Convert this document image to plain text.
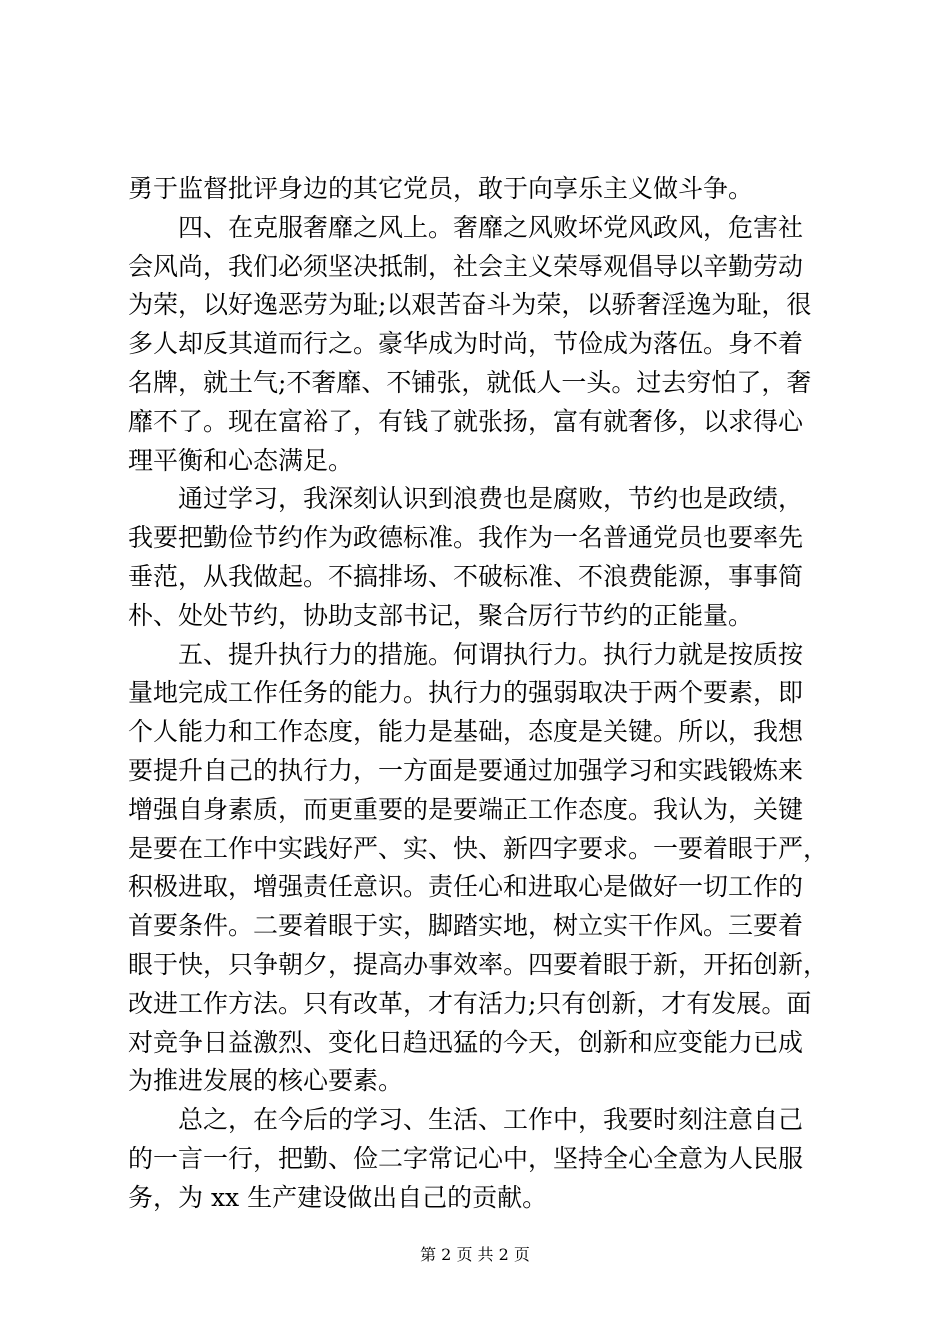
勇于监督批评身边的其它党员，敢于向享乐主义做斗争。
四、在克服奢靡之风上。奢靡之风败坏党风政风，危害社
会风尚，我们必须坚决抵制，社会主义荣辱观倡导以辛勤劳动
为荣，以好逸恶劳为耻;以艰苦奋斗为荣，以骄奢淫逸为耻，很
多人却反其道而行之。豪华成为时尚，节俭成为落伍。身不着
名牌，就土气;不奢靡、不铺张，就低人一头。过去穷怕了，奢
靡不了。现在富裕了，有钱了就张扬，富有就奢侈，以求得心
理平衡和心态满足。
通过学习，我深刻认识到浪费也是腐败，节约也是政绩，
我要把勤俭节约作为政德标准。我作为一名普通党员也要率先
垂范，从我做起。不搞排场、不破标准、不浪费能源，事事简
朴、处处节约，协助支部书记，聚合厉行节约的正能量。
五、提升执行力的措施。何谓执行力。执行力就是按质按
量地完成工作任务的能力。执行力的强弱取决于两个要素，即
个人能力和工作态度，能力是基础，态度是关键。所以，我想
要提升自己的执行力，一方面是要通过加强学习和实践锻炼来
增强自身素质，而更重要的是要端正工作态度。我认为，关键
是要在工作中实践好严、实、快、新四字要求。一要着眼于严，
积极进取，增强责任意识。责任心和进取心是做好一切工作的
首要条件。二要着眼于实，脚踏实地，树立实干作风。三要着
眼于快，只争朝夕，提高办事效率。四要着眼于新，开拓创新，
改进工作方法。只有改革，才有活力;只有创新，才有发展。面
对竞争日益激烈、变化日趋迅猛的今天，创新和应变能力已成
为推进发展的核心要素。
总之，在今后的学习、生活、工作中，我要时刻注意自己
的一言一行，把勤、俭二字常记心中，坚持全心全意为人民服
务，为 xx 生产建设做出自己的贡献。
第 2 页 共 2 页
